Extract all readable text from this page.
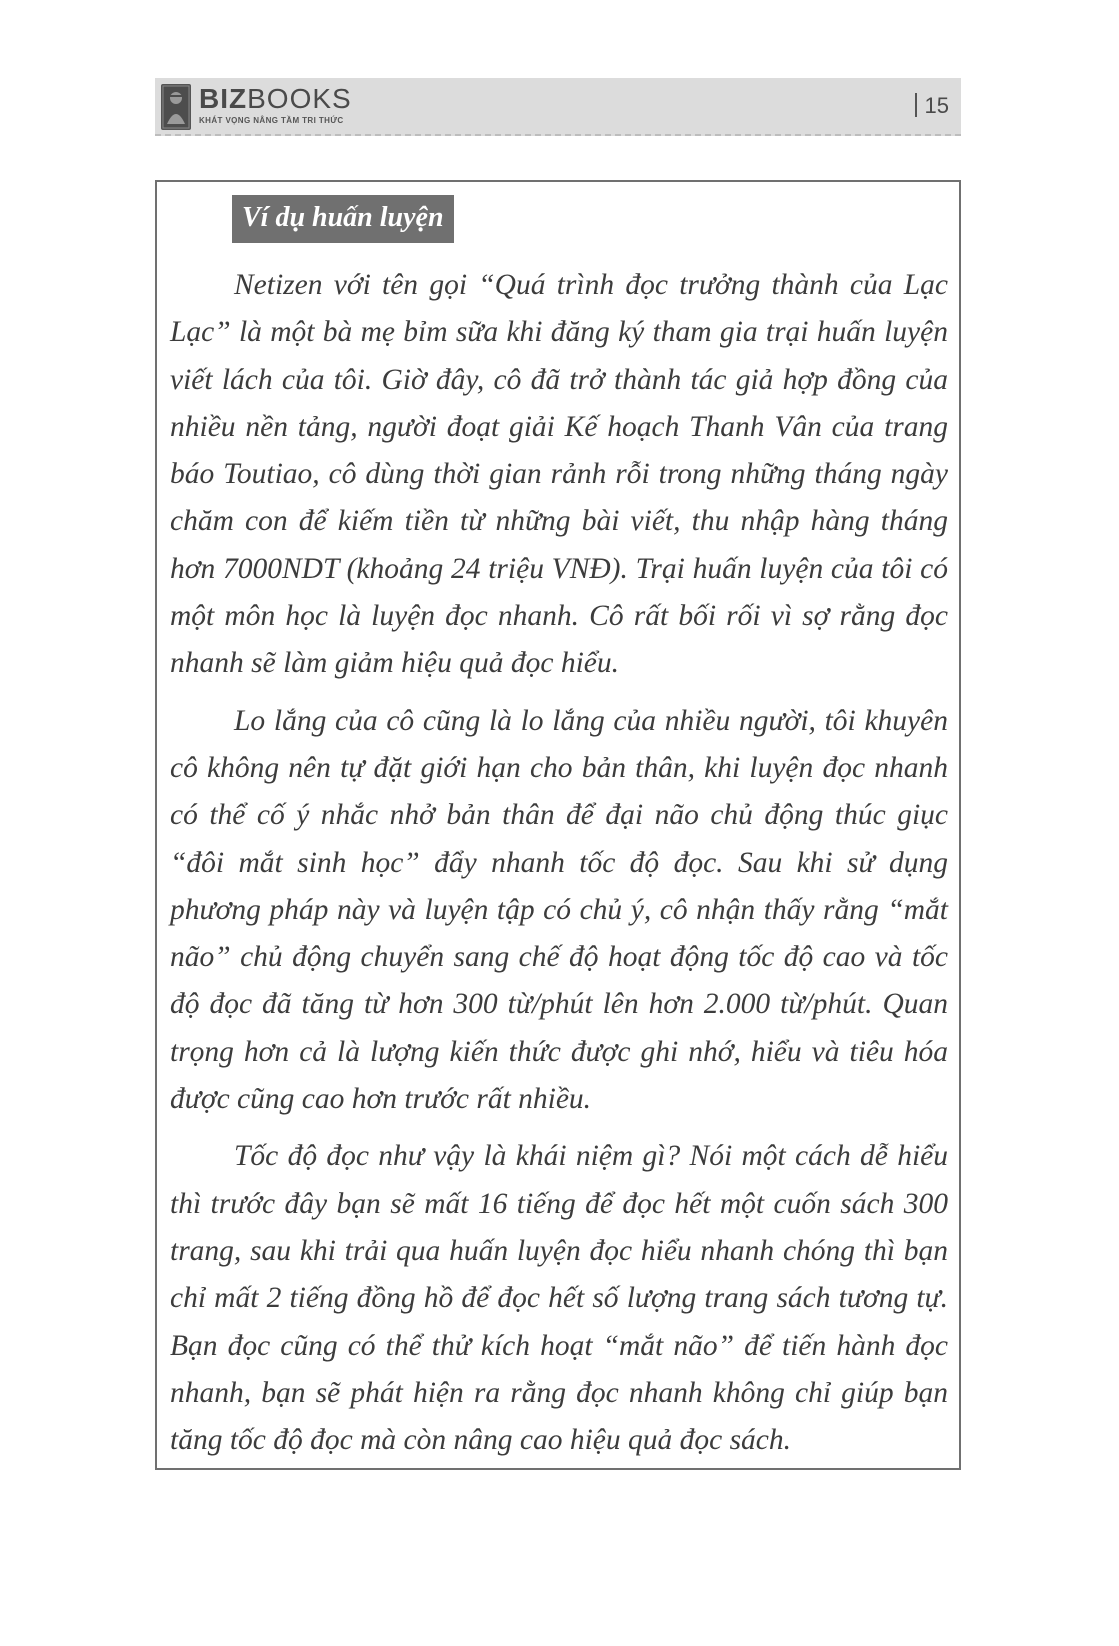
BIZBOOKS
KHÁT VỌNG NÂNG TẦM TRI THỨC
15
Ví dụ huấn luyện

Netizen với tên gọi “Quá trình đọc trưởng thành của Lạc Lạc” là một bà mẹ bỉm sữa khi đăng ký tham gia trại huấn luyện viết lách của tôi. Giờ đây, cô đã trở thành tác giả hợp đồng của nhiều nền tảng, người đoạt giải Kế hoạch Thanh Vân của trang báo Toutiao, cô dùng thời gian rảnh rỗi trong những tháng ngày chăm con để kiếm tiền từ những bài viết, thu nhập hàng tháng hơn 7000NDT (khoảng 24 triệu VNĐ). Trại huấn luyện của tôi có một môn học là luyện đọc nhanh. Cô rất bối rối vì sợ rằng đọc nhanh sẽ làm giảm hiệu quả đọc hiểu.

Lo lắng của cô cũng là lo lắng của nhiều người, tôi khuyên cô không nên tự đặt giới hạn cho bản thân, khi luyện đọc nhanh có thể cố ý nhắc nhở bản thân để đại não chủ động thúc giục “đôi mắt sinh học” đẩy nhanh tốc độ đọc. Sau khi sử dụng phương pháp này và luyện tập có chủ ý, cô nhận thấy rằng “mắt não” chủ động chuyển sang chế độ hoạt động tốc độ cao và tốc độ đọc đã tăng từ hơn 300 từ/phút lên hơn 2.000 từ/phút. Quan trọng hơn cả là lượng kiến thức được ghi nhớ, hiểu và tiêu hóa được cũng cao hơn trước rất nhiều.

Tốc độ đọc như vậy là khái niệm gì? Nói một cách dễ hiểu thì trước đây bạn sẽ mất 16 tiếng để đọc hết một cuốn sách 300 trang, sau khi trải qua huấn luyện đọc hiểu nhanh chóng thì bạn chỉ mất 2 tiếng đồng hồ để đọc hết số lượng trang sách tương tự. Bạn đọc cũng có thể thử kích hoạt “mắt não” để tiến hành đọc nhanh, bạn sẽ phát hiện ra rằng đọc nhanh không chỉ giúp bạn tăng tốc độ đọc mà còn nâng cao hiệu quả đọc sách.
